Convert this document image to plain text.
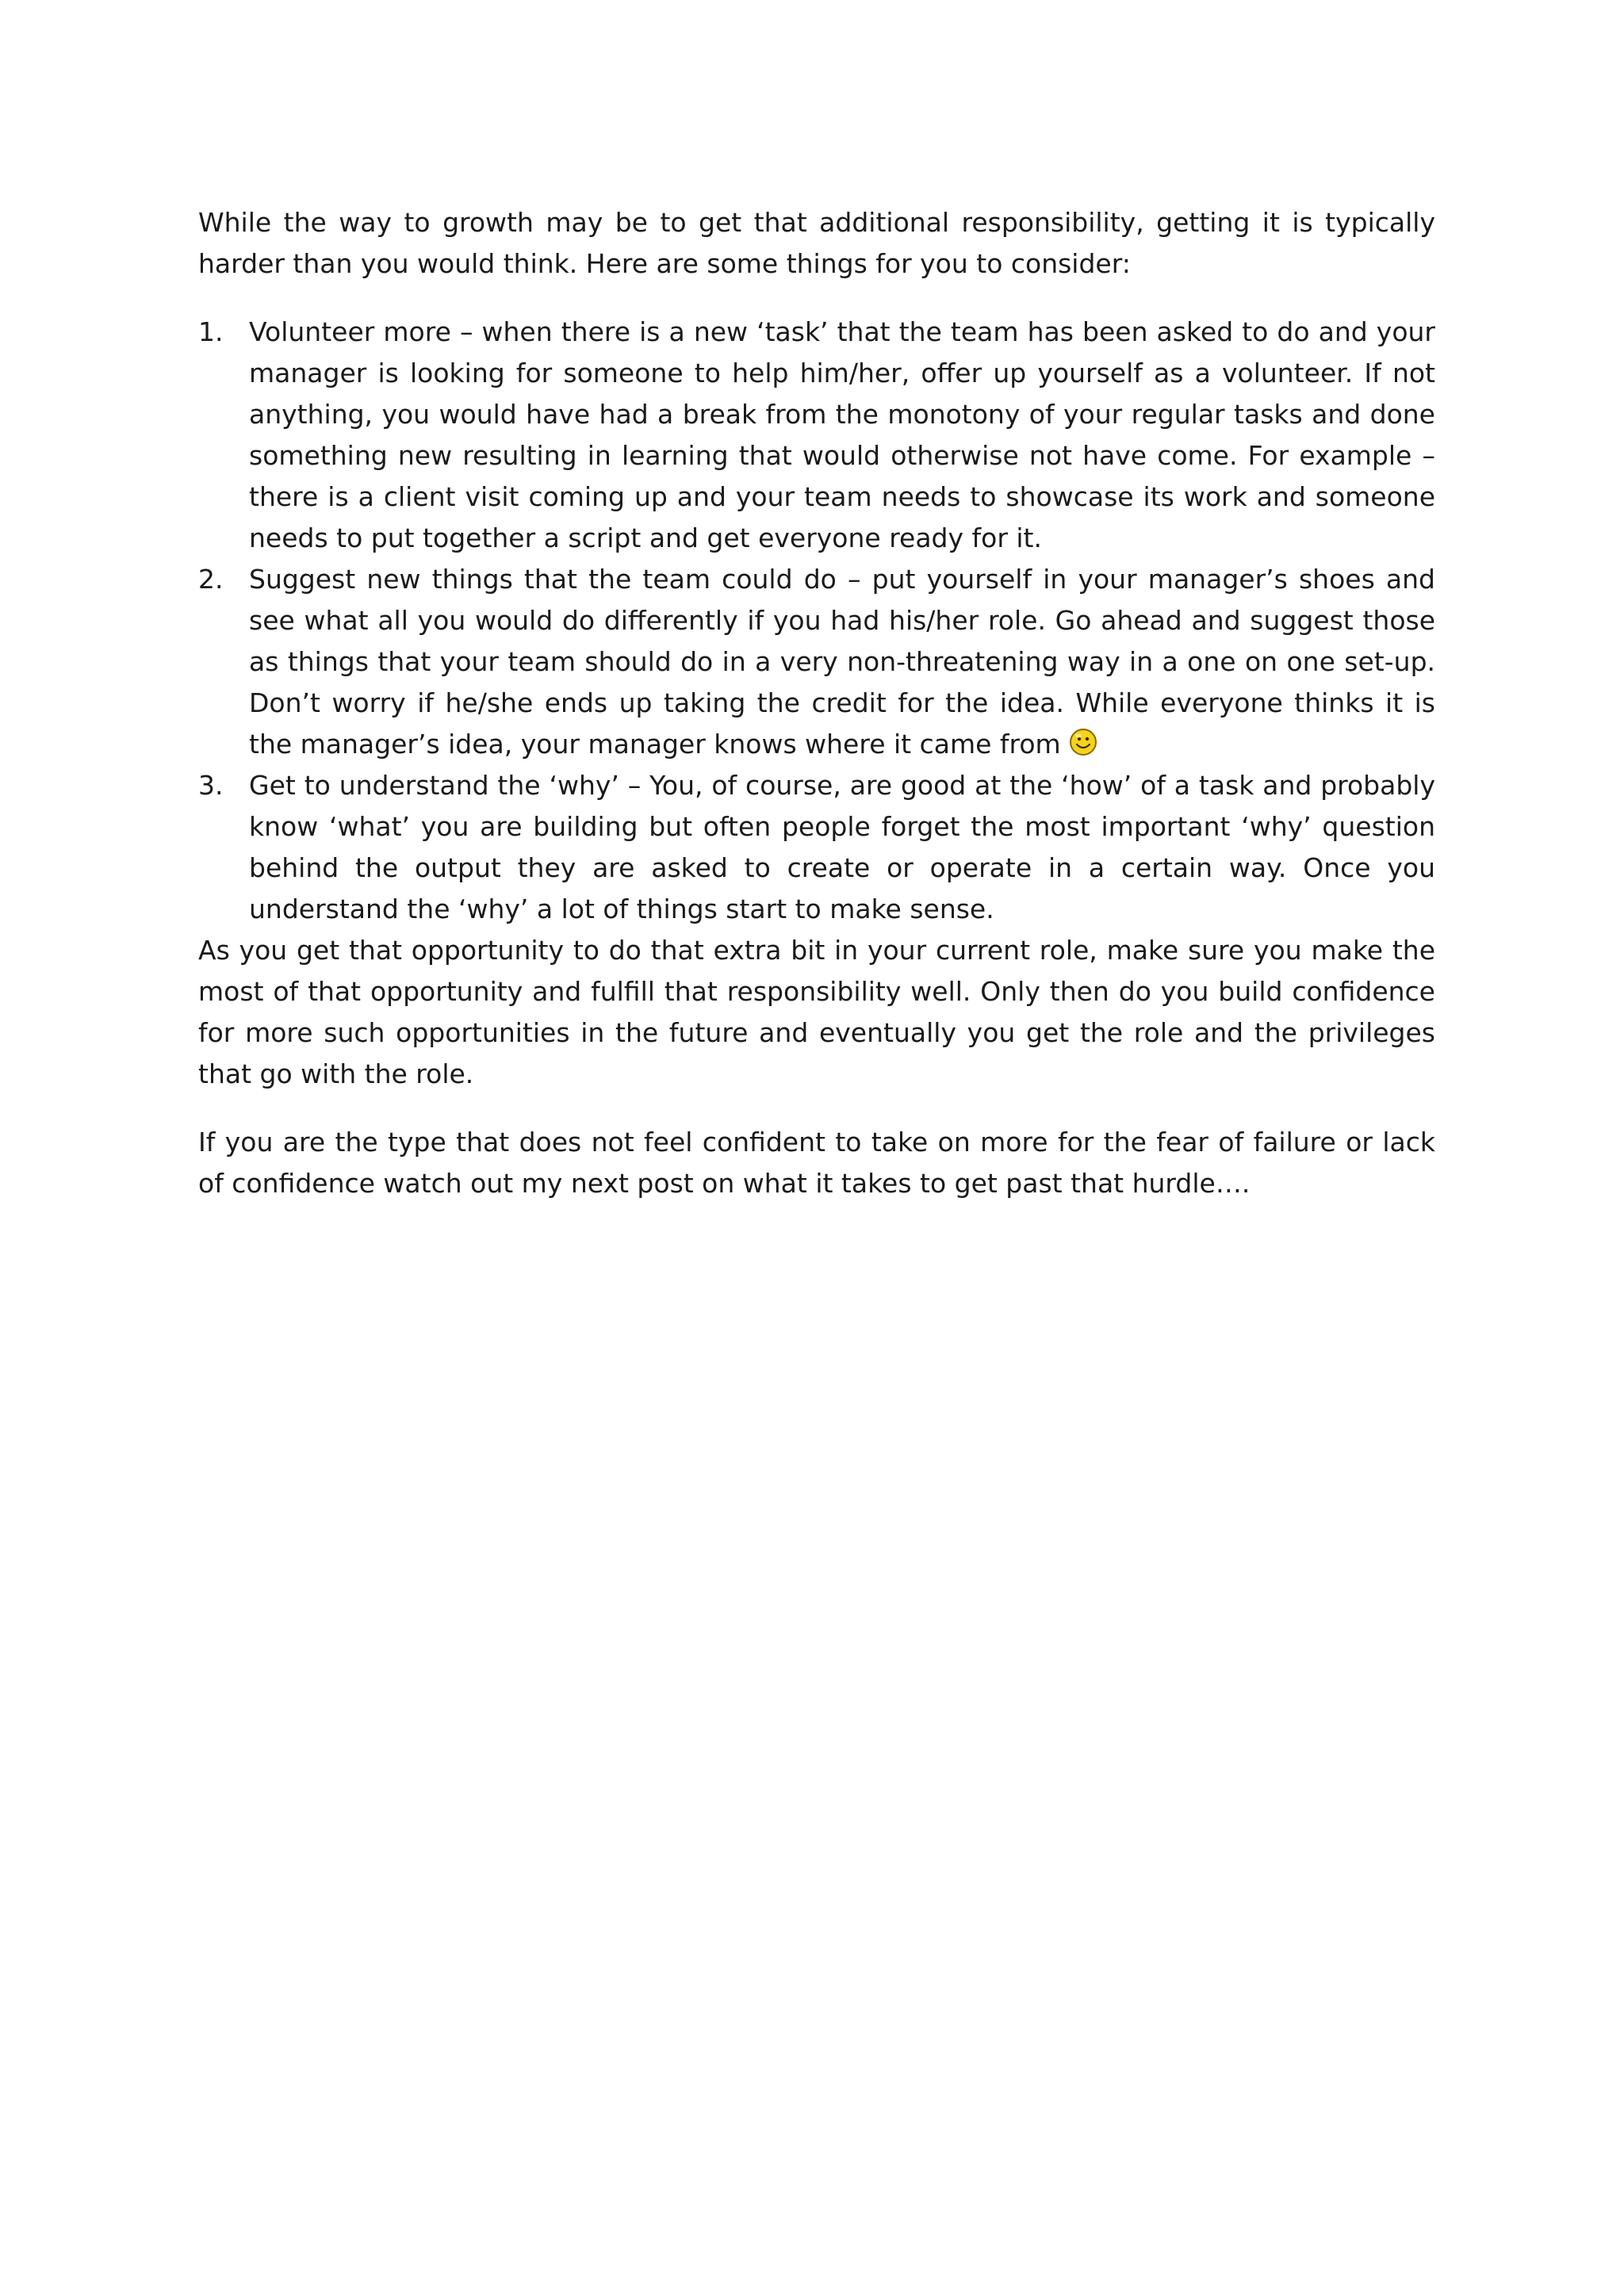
While the way to growth may be to get that additional responsibility, getting it is typically harder than you would think. Here are some things for you to consider:

1. Volunteer more – when there is a new ‘task’ that the team has been asked to do and your manager is looking for someone to help him/her, offer up yourself as a volunteer. If not anything, you would have had a break from the monotony of your regular tasks and done something new resulting in learning that would otherwise not have come. For example – there is a client visit coming up and your team needs to showcase its work and someone needs to put together a script and get everyone ready for it.
2. Suggest new things that the team could do – put yourself in your manager’s shoes and see what all you would do differently if you had his/her role. Go ahead and suggest those as things that your team should do in a very non-threatening way in a one on one set-up. Don’t worry if he/she ends up taking the credit for the idea. While everyone thinks it is the manager’s idea, your manager knows where it came from
3. Get to understand the ‘why’ – You, of course, are good at the ‘how’ of a task and probably know ‘what’ you are building but often people forget the most important ‘why’ question behind the output they are asked to create or operate in a certain way. Once you understand the ‘why’ a lot of things start to make sense.

As you get that opportunity to do that extra bit in your current role, make sure you make the most of that opportunity and fulfill that responsibility well. Only then do you build confidence for more such opportunities in the future and eventually you get the role and the privileges that go with the role.

If you are the type that does not feel confident to take on more for the fear of failure or lack of confidence watch out my next post on what it takes to get past that hurdle….
